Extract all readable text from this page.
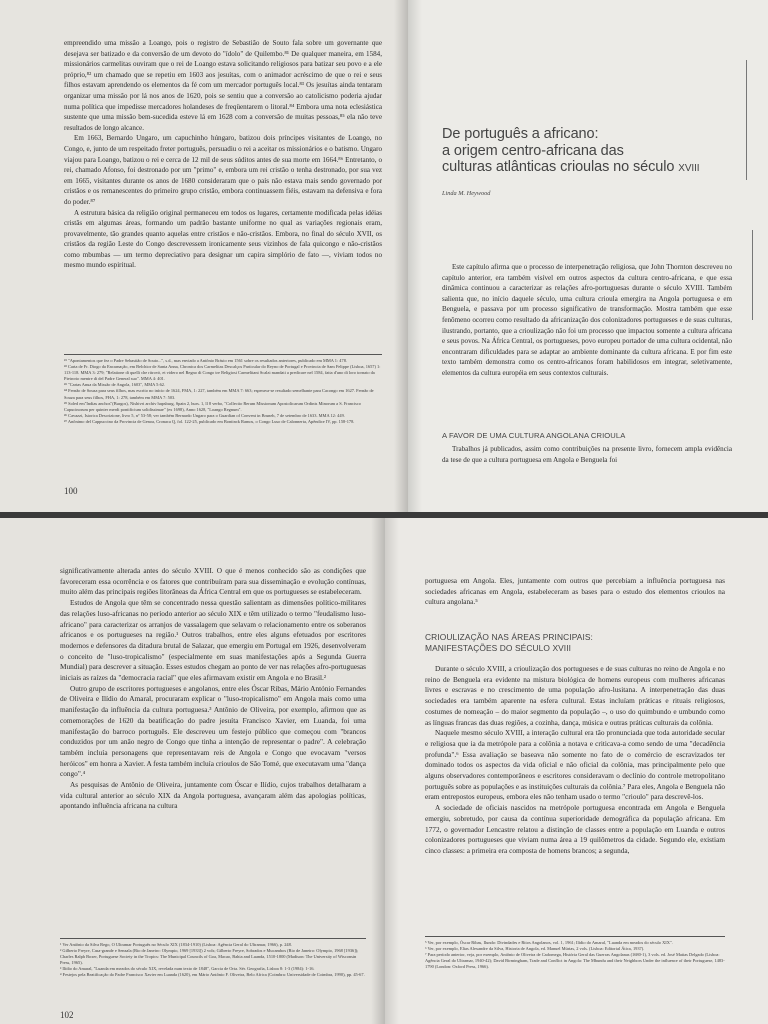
empreendido uma missão a Loango, pois o registro de Sebastião de Souto fala sobre um governante que desejava ser batizado e da conversão de um devoto do "ídolo" de Quilembo.⁸¹ De qualquer maneira, em 1584, missionários carmelitas ouviram que o rei de Loango estava solicitando religiosos para batizar seu povo e a ele próprio,⁸² um chamado que se repetiu em 1603 aos jesuítas, com o animador acréscimo de que o rei e seus filhos estavam aprendendo os elementos da fé com um mercador português local.⁸³ Os jesuítas ainda tentaram organizar uma missão por lá nos anos de 1620, pois se sentiu que a conversão ao catolicismo poderia ajudar numa política que impedisse mercadores holandeses de freqüentarem o litoral.⁸⁴ Embora uma nota eclesiástica sustente que uma missão bem-sucedida esteve lá em 1628 com a conversão de muitas pessoas,⁸⁵ ela não teve resultados de longo alcance.

Em 1663, Bernardo Ungaro, um capuchinho húngaro, batizou dois príncipes visitantes de Loango, no Congo, e, junto de um respeitado freter português, persuadiu o rei a aceitar os missionários e o batismo. Ungaro viajou para Loango, batizou o rei e cerca de 12 mil de seus súditos antes de sua morte em 1664.⁸⁶ Entretanto, o rei, chamado Afonso, foi destronado por um "primo" e, embora um rei cristão o tenha destronado, por sua vez em 1665, visitantes durante os anos de 1680 consideraram que o país não estava mais sendo governado por cristãos e os remanescentes do primeiro grupo cristão, embora continuassem fiéis, estavam na defensiva e fora do poder.⁸⁷

A estrutura básica da religião original permaneceu em todos os lugares, certamente modificada pelas idéias cristãs em algumas áreas, formando um padrão bastante uniforme no qual as variações regionais eram, provavelmente, tão grandes quanto aquelas entre cristãos e não-cristãos. Embora, no final do século XVII, os cristãos da região Leste do Congo descrevessem ironicamente seus vizinhos de fala quicongo e não-cristãos como mbumbas — um termo depreciativo para designar um capira simplório de fato —, viviam todos no mesmo mundo espiritual.

⁸¹ "Apontamentos que fez o Padre Sebastião de Souto...", s.d., mas enviado a Antônio Brásio em 1561 sobre os resultados anteriores, publicado em MMA 1: 478.

⁸² Carta de Fr. Diogo da Encarnação, em Belchior de Santa Anna, Chronica dos Carmelitas Descalços Particular do Reyno de Portugal e Provincia de Sam Felippe (Lisboa, 1657) 1: 113-118. MMA 3: 279; "Relatione di quelli che ritrovò, et videro nel Regno di Congo tre Religiosi Carmelitani Scalzi mandati a predicare nel 1584, fatta d'uno di loro tornato da Pietrorio mentre di del Padre General suo". MMA 4: 401.

⁸³ "Cartas Anua da Missão de Angola, 1603", MMA 5:62.

⁸⁴ Fernão de Souza para seus filhos, mas escrito no início de 1624, FMA, 1: 227, também em MMA 7: 663; esperava-se resultado semelhante para Cacongo em 1627. Fernão de Souza para seus filhos, FHA, 1: 278, também em MMA 7: 503.

⁸⁵ Soled em"Indias anchos"(Burgos), Nishivri archiv hapsburg, Spain 2, hurs. 1, ll 8 verbo, "Collectio Rerum Missionum Apostolicarum Ordinis Minorum a S. Francisco Capucinorum per quinter merdi pontificium solidissimae" (ex 1698), Anno 1628, "Loango Regnum".

⁸⁶ Cavazzi, Istorica Descrizione, livro 5, n° 53-58; ver também Bernardo Ungaro para o Guardian of Convent in Bruneh, 7 de setembro de 1633. MMA 12: 449.

⁸⁷ Anônimo del Cappuccino da Provincia de Genoa, Cronaca Q, fol. 122-25, publicado em Bontinck Ramos, o Congo Luso de Calonnerta, Apêndice IV, pp. 158-178.

100
De português a africano:
a origem centro-africana das
culturas atlânticas crioulas no século XVIII
Linda M. Heywood

Este capítulo afirma que o processo de interpenetração religiosa, que John Thornton descreveu no capítulo anterior, era também visível em outros aspectos da cultura centro-africana, e que essa dinâmica continuou a caracterizar as relações afro-portuguesas durante o século XVIII. Também salienta que, no início daquele século, uma cultura crioula emergira na Angola portuguesa e em Benguela, e passava por um processo significativo de transformação. Mostra também que esse fenômeno ocorreu como resultado da africanização dos colonizadores portugueses e de suas culturas, ilustrando, portanto, que a crioulização não foi um processo que impactou somente a cultura africana e seus povos. Na África Central, os portugueses, povo europeu portador de uma cultura ocidental, não encontraram dificuldades para se adaptar ao ambiente dominante da cultura africana. E por fim este texto também demonstra como os centro-africanos foram habilidosos em integrar, seletivamente, elementos da cultura européia em seus contextos culturais.

A FAVOR DE UMA CULTURA ANGOLANA CRIOULA

Trabalhos já publicados, assim como contribuições na presente livro, fornecem ampla evidência da tese de que a cultura portuguesa em Angola e Benguela foi

significativamente alterada antes do século XVIII. O que é menos conhecido são as condições que favoreceram essa ocorrência e os fatores que contribuíram para sua disseminação e evolução contínuas, muito além das principais regiões litorâneas da África Central em que os portugueses se estabeleceram.

Estudos de Angola que têm se concentrado nessa questão salientam as dimensões político-militares das relações luso-africanas no período anterior ao século XIX e têm utilizado o termo "feudalismo luso-africano" para caracterizar os arranjos de vassalagem que selavam o relacionamento entre os soberanos africanos e os portugueses na região.¹ Outros trabalhos, entre eles alguns efetuados por escritores modernos e defensores da ditadura brutal de Salazar, que emergiu em Portugal em 1926, desenvolveram o conceito de "luso-tropicalismo" (especialmente em suas manifestações após a Segunda Guerra Mundial) para descrever a situação. Esses estudos chegam ao ponto de ver nas relações afro-portuguesas iniciais as raízes da "democracia racial" que eles afirmavam existir em Angola e no Brasil.²

Outro grupo de escritores portugueses e angolanos, entre eles Óscar Ribas, Mário António Fernandes de Oliveira e Ilídio do Amaral, procuraram explicar o "luso-tropicalismo" em Angola mais como uma manifestação da influência da cultura portuguesa.³ Antônio de Oliveira, por exemplo, afirmou que as comemorações de 1620 da beatificação do padre jesuíta Francisco Xavier, em Luanda, foi uma manifestação do barroco português. Ele descreveu um festejo público que começou com "brancos conduzidos por um anão negro de Congo que tinha a intenção de representar o padre". A celebração também incluía personagens que representavam reis de Angola e Congo que evocavam "versos heróicos" em honra a Xavier. A festa também incluía crioulos de São Tomé, que executavam uma "dança congo".⁴

As pesquisas de Antônio de Oliveira, juntamente com Óscar e Ilídio, cujos trabalhos detalharam a vida cultural anterior ao século XIX da Angola portuguesa, avançaram além das apologias políticas, apontando influência africana na cultura

¹ Ver Antônio da Silva Rego, O Ultramar Português no Século XIX (1834-1910) (Lisboa: Agência Geral do Ultramar, 1966), p. 248.

² Gilberto Freyre, Casa-grande e Senzala (Rio de Janeiro: Olympio, 1969 [1933]) 2 vols; Gilberto Freyre, Sobrados e Mucambos (Rio de Janeiro: Olympio, 1968 [1936]); Charles Ralph Boxer, Portuguese Society in the Tropics: The Municipal Councils of Goa, Macao, Bahia and Luanda, 1510-1800 (Madison: The University of Wisconsin Press, 1965).

³ Ilídio do Amaral, "Luanda em meados do século XIX, revelada num texto de 1848", Garcia de Orta. Sér. Geografia, Lisboa 8: 1-3 (1984): 1-16.

⁴ Festejos pela Beatificação do Padre Francisco Xavier em Luanda (1620), em Mário Antônio F. Oliveira, Belo Africa (Coimbra: Universidade de Coimbra, 1990), pp. 45-67.

102

portuguesa em Angola. Eles, juntamente com outros que percebiam a influência portuguesa nas sociedades africanas em Angola, estabeleceram as bases para o estudo dos elementos crioulos na cultura angolana.⁵

CRIOULIZAÇÃO NAS ÁREAS PRINCIPAIS:
MANIFESTAÇÕES DO SÉCULO XVIII

Durante o século XVIII, a crioulização dos portugueses e de suas culturas no reino de Angola e no reino de Benguela era evidente na mistura biológica de homens europeus com mulheres africanas livres e escravas e no crescimento de uma população afro-lusitana. A interpenetração das duas sociedades era também aparente na esfera cultural. Estas incluíam práticas e rituais religiosos, costumes de nomeação – do maior segmento da população –, o uso do quimbundo e umbundo como as línguas francas das duas regiões, a cozinha, dança, música e outras práticas culturais da colônia.

Naquele mesmo século XVIII, a interação cultural era tão pronunciada que toda autoridade secular e religiosa que ia da metrópole para a colônia a notava e criticava-a como sendo de uma "decadência profunda".⁶ Essa avaliação se baseava não somente no fato de o comércio de escravizados ter dominado todos os aspectos da vida oficial e não oficial da colônia, mas principalmente pelo que alguns observadores contemporâneos e escritores consideravam o declínio do controle metropolitano português sobre as populações e as instituições culturais da colônia.⁷ Para eles, Angola e Benguela não eram entrepostos europeus, embora eles não tenham usado o termo "crioulo" para descrevê-los.

A sociedade de oficiais nascidos na metrópole portuguesa encontrada em Angola e Benguela emergiu, sobretudo, por causa da contínua superioridade demográfica da população africana. Em 1772, o governador Lencastre relatou a distinção de classes entre a população em Luanda e outros colonizadores portugueses que viviam numa área a 19 quilômetros da cidade. Segundo ele, existiam cinco classes: a primeira era composta de homens brancos; a segunda,

⁵ Ver, por exemplo, Óscar Ribas, Ilundo: Divindades e Ritos Angolanos, vol. 1, 1961; Ilídio do Amaral, "Luanda em meados do século XIX".

⁶ Ver, por exemplo, Elias Alexandre da Silva, Historia de Angola, ed. Manuel Múrias, 2 vols. (Lisboa: Editorial Ática, 1937).

⁷ Para período anterior, veja, por exemplo, Antônio de Oliveira de Cadornega, História Geral das Guerras Angolanas (1680-1), 3 vols. ed. José Matias Delgado (Lisboa: Agência Geral do Ultramar, 1940-42); David Birmingham, Trade and Conflict in Angola: The Mbundu and their Neighbors Under the influence of their Portuguese, 1483-1790 (London: Oxford Press, 1966).
